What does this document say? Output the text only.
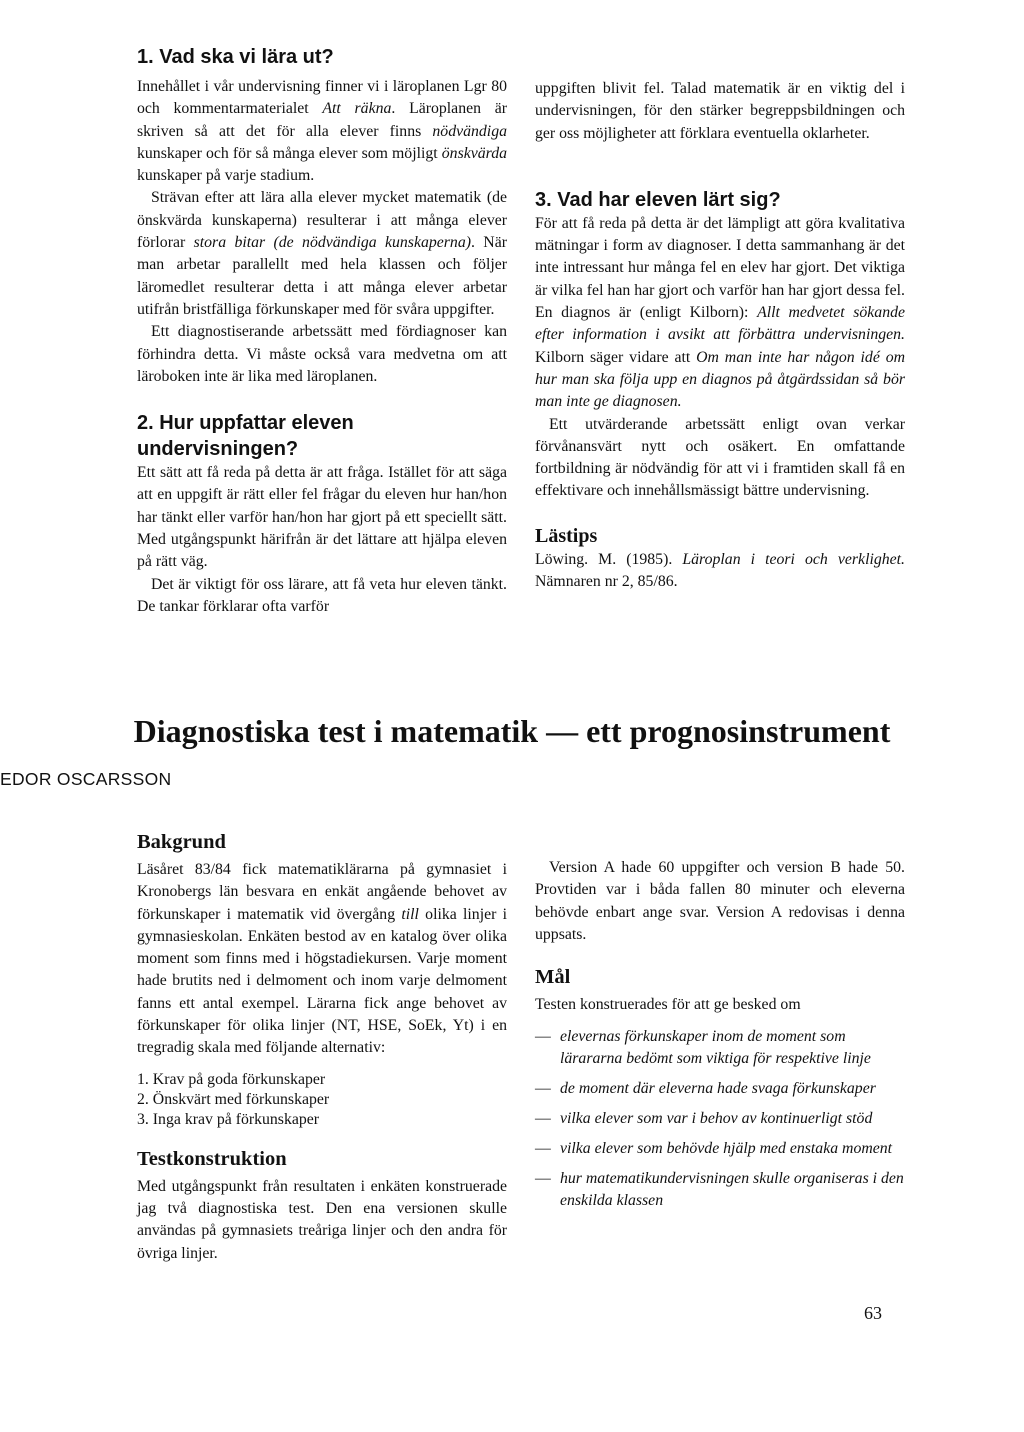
1. Vad ska vi lära ut?

Innehållet i vår undervisning finner vi i läroplanen Lgr 80 och kommentarmaterialet Att räkna. Läroplanen är skriven så att det för alla elever finns nödvändiga kunskaper och för så många elever som möjligt önskvärda kunskaper på varje stadium.

Strävan efter att lära alla elever mycket matematik (de önskvärda kunskaperna) resulterar i att många elever förlorar stora bitar (de nödvändiga kunskaperna). När man arbetar parallellt med hela klassen och följer läromedlet resulterar detta i att många elever arbetar utifrån bristfälliga förkunskaper med för svåra uppgifter.

Ett diagnostiserande arbetssätt med fördiagnoser kan förhindra detta. Vi måste också vara medvetna om att läroboken inte är lika med läroplanen.

2. Hur uppfattar eleven undervisningen?

Ett sätt att få reda på detta är att fråga. Istället för att säga att en uppgift är rätt eller fel frågar du eleven hur han/hon har tänkt eller varför han/hon har gjort på ett speciellt sätt. Med utgångspunkt härifrån är det lättare att hjälpa eleven på rätt väg.

Det är viktigt för oss lärare, att få veta hur eleven tänkt. De tankar förklarar ofta varför

uppgiften blivit fel. Talad matematik är en viktig del i undervisningen, för den stärker begreppsbildningen och ger oss möjligheter att förklara eventuella oklarheter.

3. Vad har eleven lärt sig?

För att få reda på detta är det lämpligt att göra kvalitativa mätningar i form av diagnoser. I detta sammanhang är det inte intressant hur många fel en elev har gjort. Det viktiga är vilka fel han har gjort och varför han har gjort dessa fel. En diagnos är (enligt Kilborn): Allt medvetet sökande efter information i avsikt att förbättra undervisningen. Kilborn säger vidare att Om man inte har någon idé om hur man ska följa upp en diagnos på åtgärdssidan så bör man inte ge diagnosen.

Ett utvärderande arbetssätt enligt ovan verkar förvånansvärt nytt och osäkert. En omfattande fortbildning är nödvändig för att vi i framtiden skall få en effektivare och innehållsmässigt bättre undervisning.

Lästips

Löwing. M. (1985). Läroplan i teori och verklighet. Nämnaren nr 2, 85/86.

Diagnostiska test i matematik — ett prognosinstrument

EDOR OSCARSSON

Bakgrund

Läsåret 83/84 fick matematiklärarna på gymnasiet i Kronobergs län besvara en enkät angående behovet av förkunskaper i matematik vid övergång till olika linjer i gymnasieskolan. Enkäten bestod av en katalog över olika moment som finns med i högstadiekursen. Varje moment hade brutits ned i delmoment och inom varje delmoment fanns ett antal exempel. Lärarna fick ange behovet av förkunskaper för olika linjer (NT, HSE, SoEk, Yt) i en tregradig skala med följande alternativ:

1. Krav på goda förkunskaper
2. Önskvärt med förkunskaper
3. Inga krav på förkunskaper
Testkonstruktion

Med utgångspunkt från resultaten i enkäten konstruerade jag två diagnostiska test. Den ena versionen skulle användas på gymnasiets treåriga linjer och den andra för övriga linjer.

Version A hade 60 uppgifter och version B hade 50. Provtiden var i båda fallen 80 minuter och eleverna behövde enbart ange svar. Version A redovisas i denna uppsats.

Mål

Testen konstruerades för att ge besked om

— elevernas förkunskaper inom de moment som lärararna bedömt som viktiga för respektive linje
— de moment där eleverna hade svaga förkunskaper
— vilka elever som var i behov av kontinuerligt stöd
— vilka elever som behövde hjälp med enstaka moment
— hur matematikundervisningen skulle organiseras i den enskilda klassen

63
